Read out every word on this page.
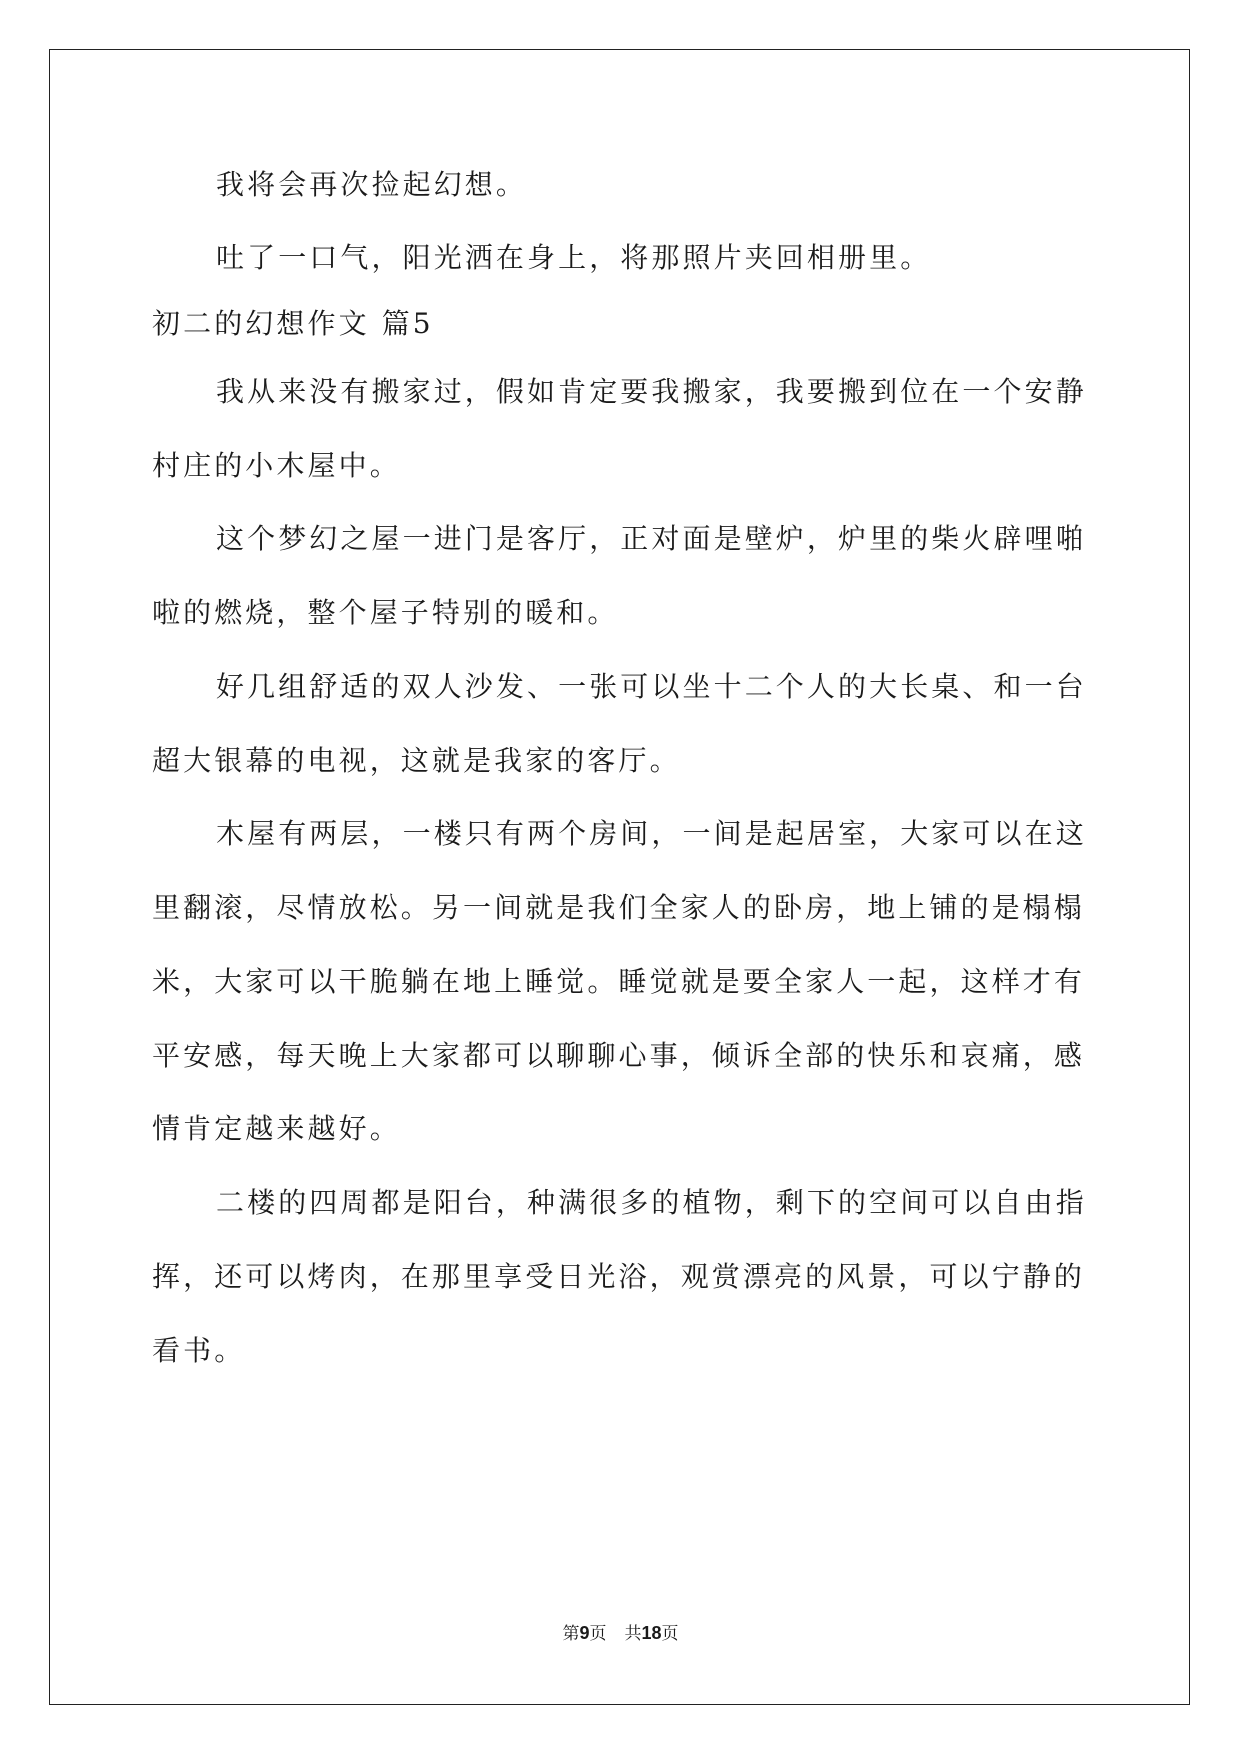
我将会再次捡起幻想。
吐了一口气，阳光洒在身上，将那照片夹回相册里。
初二的幻想作文 篇5
我从来没有搬家过，假如肯定要我搬家，我要搬到位在一个安静
村庄的小木屋中。
这个梦幻之屋一进门是客厅，正对面是壁炉，炉里的柴火辟哩啪
啦的燃烧，整个屋子特别的暖和。
好几组舒适的双人沙发、一张可以坐十二个人的大长桌、和一台
超大银幕的电视，这就是我家的客厅。
木屋有两层，一楼只有两个房间，一间是起居室，大家可以在这
里翻滚，尽情放松。另一间就是我们全家人的卧房，地上铺的是榻榻
米，大家可以干脆躺在地上睡觉。睡觉就是要全家人一起，这样才有
平安感，每天晚上大家都可以聊聊心事，倾诉全部的快乐和哀痛，感
情肯定越来越好。
二楼的四周都是阳台，种满很多的植物，剩下的空间可以自由指
挥，还可以烤肉，在那里享受日光浴，观赏漂亮的风景，可以宁静的
看书。
第9页 共18页
